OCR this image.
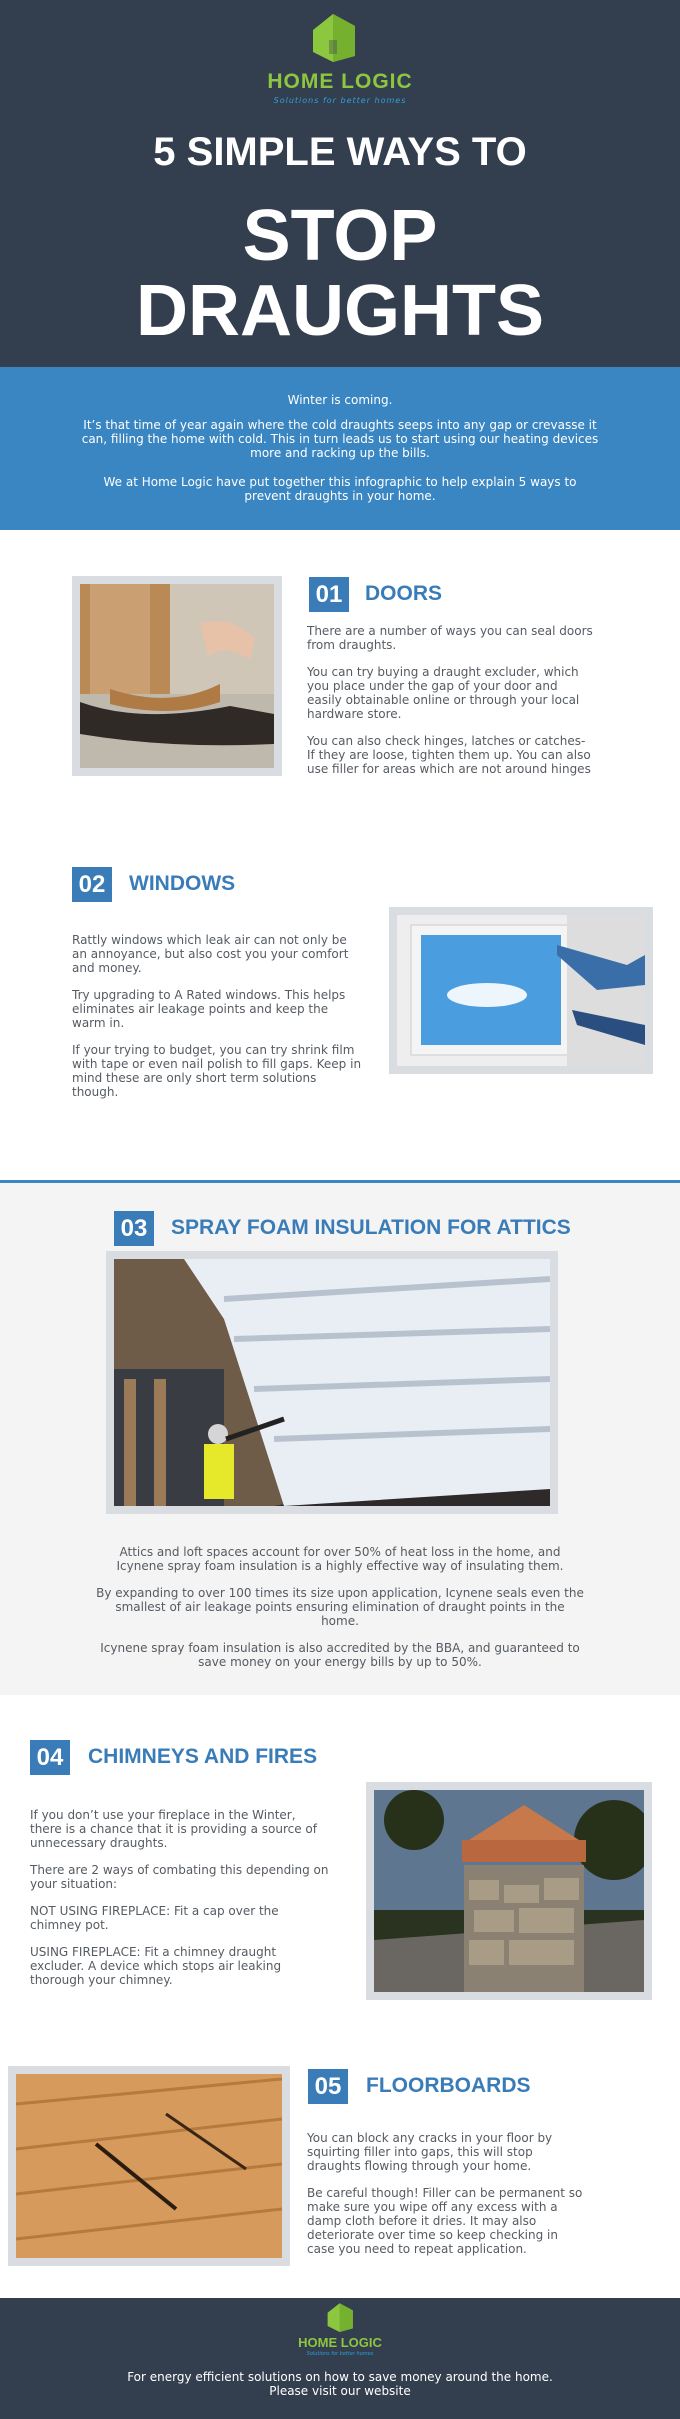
HOME LOGIC
Solutions for better homes
5 SIMPLE WAYS TO
STOP
DRAUGHTS

Winter is coming.

It’s that time of year again where the cold draughts seeps into any gap or crevasse it can, filling the home with cold. This in turn leads us to start using our heating devices more and racking up the bills.

We at Home Logic have put together this infographic to help explain 5 ways to prevent draughts in your home.

01	DOORS

There are a number of ways you can seal doors from draughts.

You can try buying a draught excluder, which you place under the gap of your door and easily obtainable online or through your local hardware store.

You can also check hinges, latches or catches- If they are loose, tighten them up. You can also use filler for areas which are not around hinges

02	WINDOWS

Rattly windows which leak air can not only be an annoyance, but also cost you your comfort and money.

Try upgrading to A Rated windows. This helps eliminates air leakage points and keep the warm in.

If your trying to budget, you can try shrink film with tape or even nail polish to fill gaps. Keep in mind these are only short term solutions though.

03	SPRAY FOAM INSULATION FOR ATTICS

Attics and loft spaces account for over 50% of heat loss in the home, and Icynene spray foam insulation is a highly effective way of insulating them.

By expanding to over 100 times its size upon application, Icynene seals even the smallest of air leakage points ensuring elimination of draught points in the home.

Icynene spray foam insulation is also accredited by the BBA, and guaranteed to save money on your energy bills by up to 50%.

04	CHIMNEYS AND FIRES

If you don’t use your fireplace in the Winter, there is a chance that it is providing a source of unnecessary draughts.

There are 2 ways of combating this depending on your situation:

NOT USING FIREPLACE: Fit a cap over the chimney pot.

USING FIREPLACE: Fit a chimney draught excluder. A device which stops air leaking thorough your chimney.

05	FLOORBOARDS

You can block any cracks in your floor by squirting filler into gaps, this will stop draughts flowing through your home.

Be careful though! Filler can be permanent so make sure you wipe off any excess with a damp cloth before it dries. It may also deteriorate over time so keep checking in case you need to repeat application.

HOME LOGIC
Solutions for better homes
For energy efficient solutions on how to save money around the home. Please visit our website
